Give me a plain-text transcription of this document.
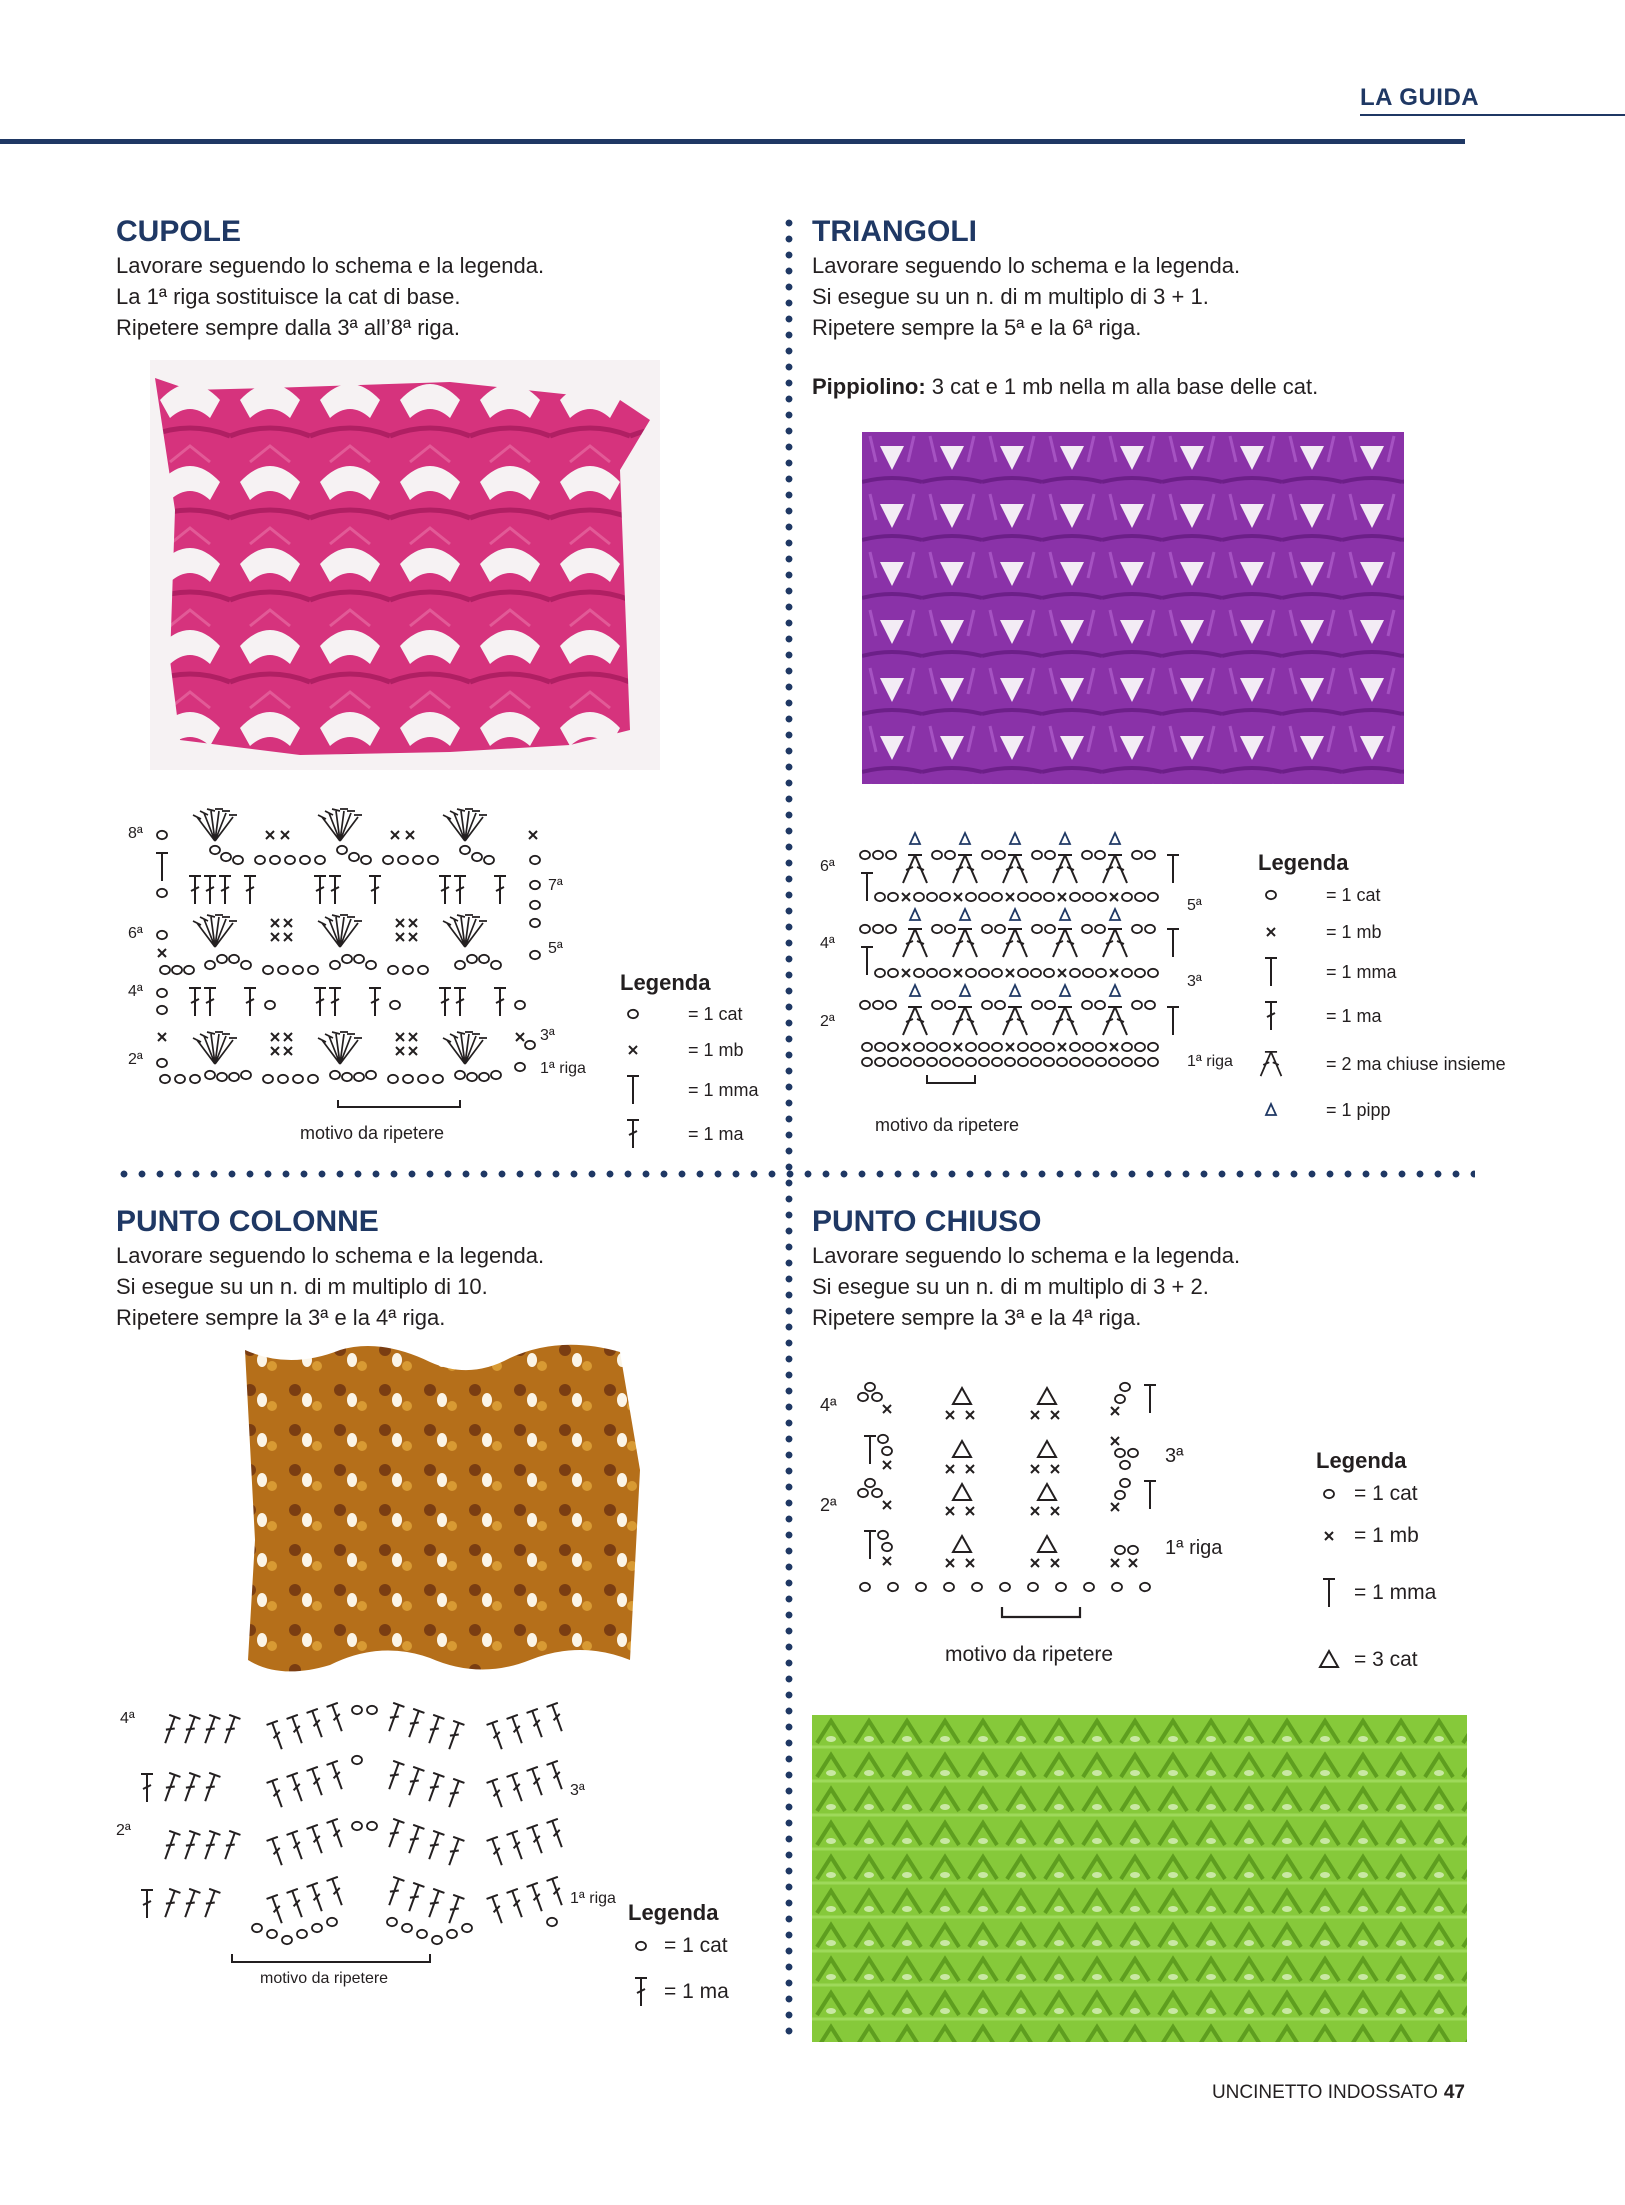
LA GUIDA
CUPOLE
Lavorare seguendo lo schema e la legenda.
La 1ª riga sostituisce la cat di base.
Ripetere sempre dalla 3ª all’8ª riga.
8ª
7ª
6ª
5ª
4ª
3ª
2ª
1ª riga
motivo da ripetere
Legenda
= 1 cat
= 1 mb
= 1 mma
= 1 ma
TRIANGOLI
Lavorare seguendo lo schema e la legenda.
Si esegue su un n. di m multiplo di 3 + 1.
Ripetere sempre la 5ª e la 6ª riga.
Pippiolino: 3 cat e 1 mb nella m alla base delle cat.
6ª
5ª
4ª
3ª
2ª
1ª riga
motivo da ripetere
Legenda
= 1 cat
= 1 mb
= 1 mma
= 1 ma
= 2 ma chiuse insieme
= 1 pipp
PUNTO COLONNE
Lavorare seguendo lo schema e la legenda.
Si esegue su un n. di m multiplo di 10.
Ripetere sempre la 3ª e la 4ª riga.
4ª
3ª
2ª
1ª riga
motivo da ripetere
Legenda
= 1 cat
= 1 ma
PUNTO CHIUSO
Lavorare seguendo lo schema e la legenda.
Si esegue su un n. di m multiplo di 3 + 2.
Ripetere sempre la 3ª e la 4ª riga.
4ª
3ª
2ª
1ª riga
motivo da ripetere
Legenda
= 1 cat
= 1 mb
= 1 mma
= 3 cat
UNCINETTO INDOSSATO 47
